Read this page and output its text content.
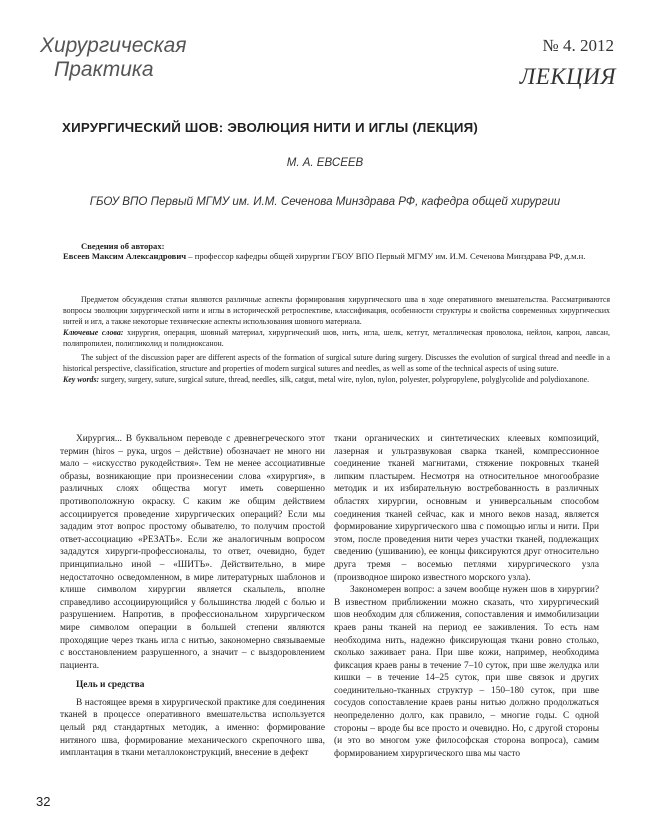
Хирургическая
Практика
№ 4. 2012
ЛЕКЦИЯ
ХИРУРГИЧЕСКИЙ ШОВ: ЭВОЛЮЦИЯ НИТИ И ИГЛЫ (ЛЕКЦИЯ)
М. А. ЕВСЕЕВ
ГБОУ ВПО Первый МГМУ им. И.М. Сеченова Минздрава РФ, кафедра общей хирургии
Сведения об авторах:
Евсеев Максим Александрович – профессор кафедры общей хирургии ГБОУ ВПО Первый МГМУ им. И.М. Сеченова Минздрава РФ, д.м.н.
Предметом обсуждения статьи являются различные аспекты формирования хирургического шва в ходе оперативного вмешательства. Рассматриваются вопросы эволюции хирургической нити и иглы в исторической ретроспективе, классификация, особенности структуры и свойства современных хирургических нитей и игл, а также некоторые технические аспекты использования шовного материала.
Ключевые слова: хирургия, операция, шовный материал, хирургический шов, нить, игла, шелк, кетгут, металлическая проволока, нейлон, капрон, лавсан, полипропилен, полигликолид и полидиоксанон.
The subject of the discussion paper are different aspects of the formation of surgical suture during surgery. Discusses the evolution of surgical thread and needle in a historical perspective, classification, structure and properties of modern surgical sutures and needles, as well as some of the technical aspects of using suture.
Key words: surgery, surgery, suture, surgical suture, thread, needles, silk, catgut, metal wire, nylon, nylon, polyester, polypropylene, polyglycolide and polydioxanone.

Хирургия... В буквальном переводе с древнегреческого этот термин (hiros – рука, urgos – действие) обозначает не много ни мало – «искусство рукодействия». Тем не менее ассоциативные образы, возникающие при произнесении слова «хирургия», в различных слоях общества могут иметь совершенно противоположную окраску. С каким же общим действием ассоциируется проведение хирургических операций? Если мы зададим этот вопрос простому обывателю, то получим простой ответ-ассоциацию «РЕЗАТЬ». Если же аналогичным вопросом зададутся хирурги-профессионалы, то ответ, очевидно, будет принципиально иной – «ШИТЬ». Действительно, в мире недостаточно осведомленном, в мире литературных шаблонов и клише символом хирургии является скальпель, вполне справедливо ассоциирующийся у большинства людей с болью и разрушением. Напротив, в профессиональном хирургическом мире символом операции в большей степени являются проходящие через ткань игла с нитью, закономерно связываемые с восстановлением разрушенного, а значит – с выздоровлением пациента.

Цель и средства

В настоящее время в хирургической практике для соединения тканей в процессе оперативного вмешательства используется целый ряд стандартных методик, а именно: формирование нитяного шва, формирование механического скрепочного шва, имплантация в ткани металлоконструкций, внесение в дефект

ткани органических и синтетических клеевых композиций, лазерная и ультразвуковая сварка тканей, компрессионное соединение тканей магнитами, стяжение покровных тканей липким пластырем. Несмотря на относительное многообразие методик и их избирательную востребованность в различных областях хирургии, основным и универсальным способом соединения тканей сейчас, как и много веков назад, является формирование хирургического шва с помощью иглы и нити. При этом, после проведения нити через участки тканей, подлежащих сведению (ушиванию), ее концы фиксируются друг относительно друга тремя – восемью петлями хирургического узла (производное широко известного морского узла).

Закономерен вопрос: а зачем вообще нужен шов в хирургии? В известном приближении можно сказать, что хирургический шов необходим для сближения, сопоставления и иммобилизации краев раны тканей на период ее заживления. То есть нам необходима нить, надежно фиксирующая ткани ровно столько, сколько заживает рана. При шве кожи, например, необходима фиксация краев раны в течение 7–10 суток, при шве желудка или кишки – в течение 14–25 суток, при шве связок и других соединительно-тканных структур – 150–180 суток, при шве сосудов сопоставление краев раны нитью должно продолжаться неопределенно долго, как правило, – многие годы. С одной стороны – вроде бы все просто и очевидно. Но, с другой стороны (и это во многом уже философская сторона вопроса), самим формированием хирургического шва мы часто

32
